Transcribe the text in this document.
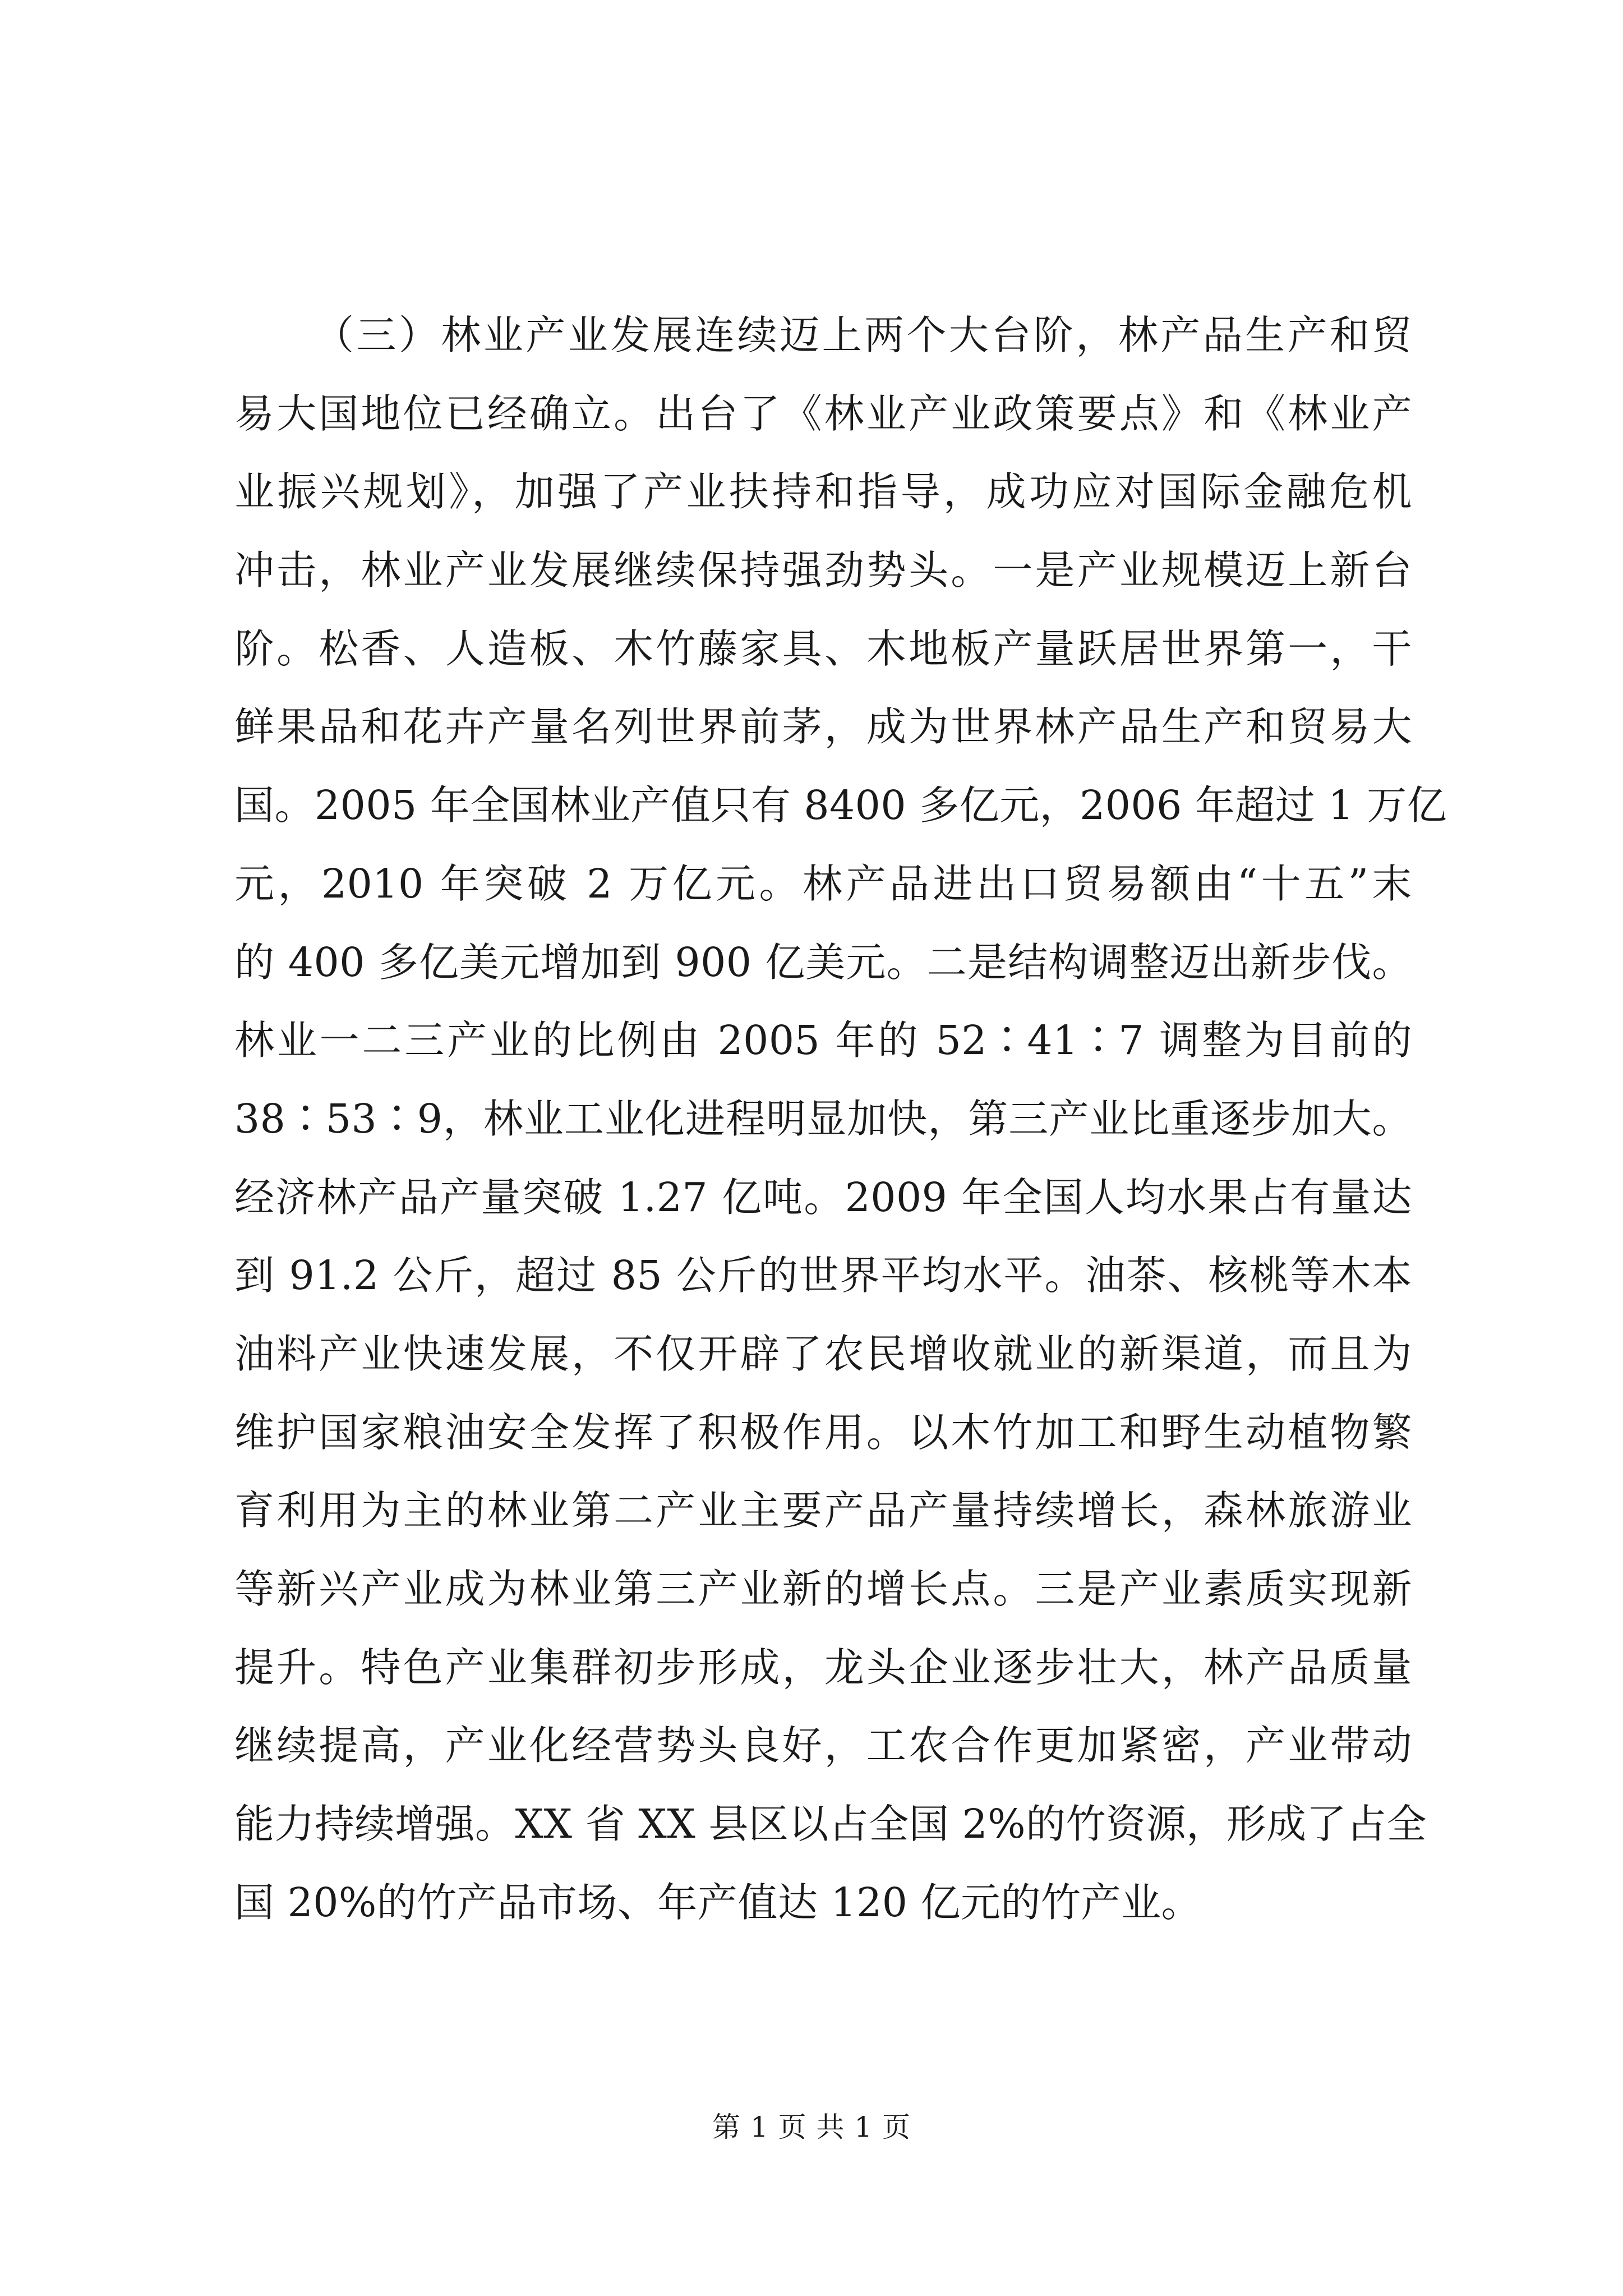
（三）林业产业发展连续迈上两个大台阶，林产品生产和贸
易大国地位已经确立。出台了《林业产业政策要点》和《林业产
业振兴规划》，加强了产业扶持和指导，成功应对国际金融危机
冲击，林业产业发展继续保持强劲势头。一是产业规模迈上新台
阶。松香、人造板、木竹藤家具、木地板产量跃居世界第一，干
鲜果品和花卉产量名列世界前茅，成为世界林产品生产和贸易大
国。2005 年全国林业产值只有 8400 多亿元，2006 年超过 1 万亿
元，2010 年突破 2 万亿元。林产品进出口贸易额由“十五”末
的 400 多亿美元增加到 900 亿美元。二是结构调整迈出新步伐。
林业一二三产业的比例由 2005 年的 52∶41∶7 调整为目前的
38∶53∶9，林业工业化进程明显加快，第三产业比重逐步加大。
经济林产品产量突破 1.27 亿吨。2009 年全国人均水果占有量达
到 91.2 公斤，超过 85 公斤的世界平均水平。油茶、核桃等木本
油料产业快速发展，不仅开辟了农民增收就业的新渠道，而且为
维护国家粮油安全发挥了积极作用。以木竹加工和野生动植物繁
育利用为主的林业第二产业主要产品产量持续增长，森林旅游业
等新兴产业成为林业第三产业新的增长点。三是产业素质实现新
提升。特色产业集群初步形成，龙头企业逐步壮大，林产品质量
继续提高，产业化经营势头良好，工农合作更加紧密，产业带动
能力持续增强。XX 省 XX 县区以占全国 2%的竹资源，形成了占全
国 20%的竹产品市场、年产值达 120 亿元的竹产业。
第 1 页 共 1 页
